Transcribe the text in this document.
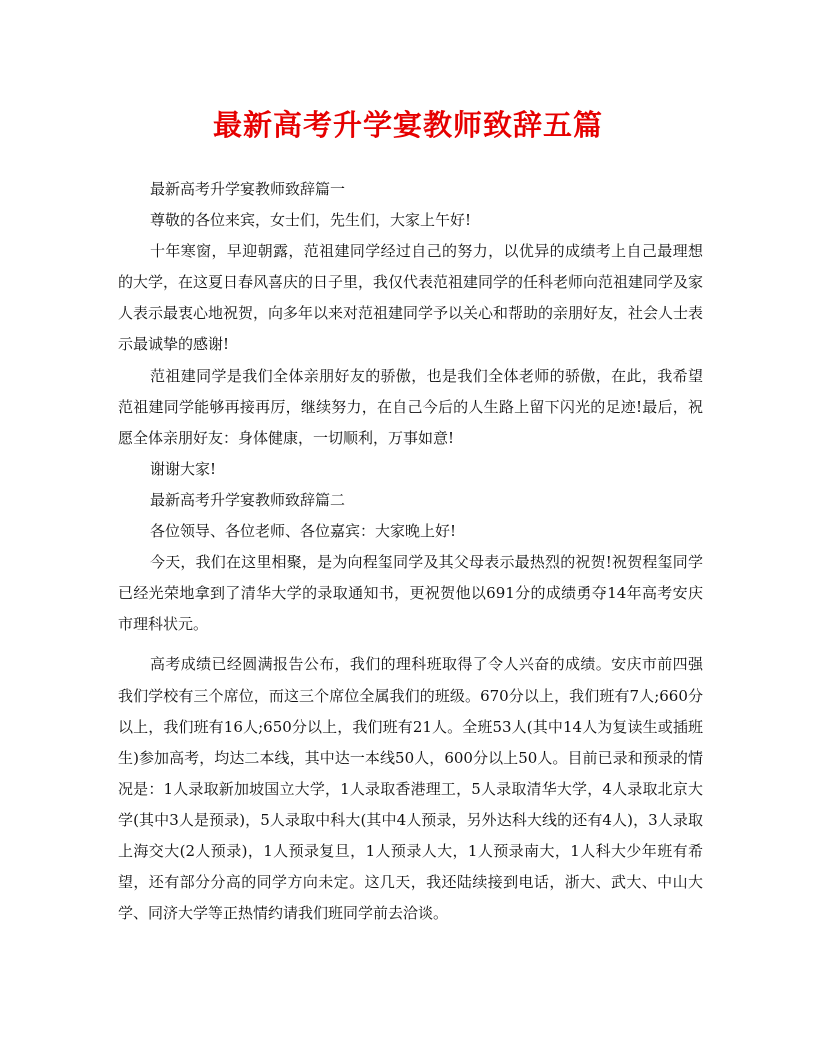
最新高考升学宴教师致辞五篇

最新高考升学宴教师致辞篇一

尊敬的各位来宾，女士们，先生们，大家上午好!

十年寒窗，早迎朝露，范祖建同学经过自己的努力，以优异的成绩考上自己最理想的大学，在这夏日春风喜庆的日子里，我仅代表范祖建同学的任科老师向范祖建同学及家人表示最衷心地祝贺，向多年以来对范祖建同学予以关心和帮助的亲朋好友，社会人士表示最诚挚的感谢!

范祖建同学是我们全体亲朋好友的骄傲，也是我们全体老师的骄傲，在此，我希望范祖建同学能够再接再厉，继续努力，在自己今后的人生路上留下闪光的足迹!最后，祝愿全体亲朋好友：身体健康，一切顺利，万事如意!

谢谢大家!

最新高考升学宴教师致辞篇二

各位领导、各位老师、各位嘉宾：大家晚上好!

今天，我们在这里相聚，是为向程玺同学及其父母表示最热烈的祝贺!祝贺程玺同学已经光荣地拿到了清华大学的录取通知书，更祝贺他以691分的成绩勇夺14年高考安庆市理科状元。

高考成绩已经圆满报告公布，我们的理科班取得了令人兴奋的成绩。安庆市前四强我们学校有三个席位，而这三个席位全属我们的班级。670分以上，我们班有7人;660分以上，我们班有16人;650分以上，我们班有21人。全班53人(其中14人为复读生或插班生)参加高考，均达二本线，其中达一本线50人，600分以上50人。目前已录和预录的情况是：1人录取新加坡国立大学，1人录取香港理工，5人录取清华大学，4人录取北京大学(其中3人是预录)，5人录取中科大(其中4人预录，另外达科大线的还有4人)，3人录取上海交大(2人预录)，1人预录复旦，1人预录人大，1人预录南大，1人科大少年班有希望，还有部分分高的同学方向未定。这几天，我还陆续接到电话，浙大、武大、中山大学、同济大学等正热情约请我们班同学前去洽谈。
